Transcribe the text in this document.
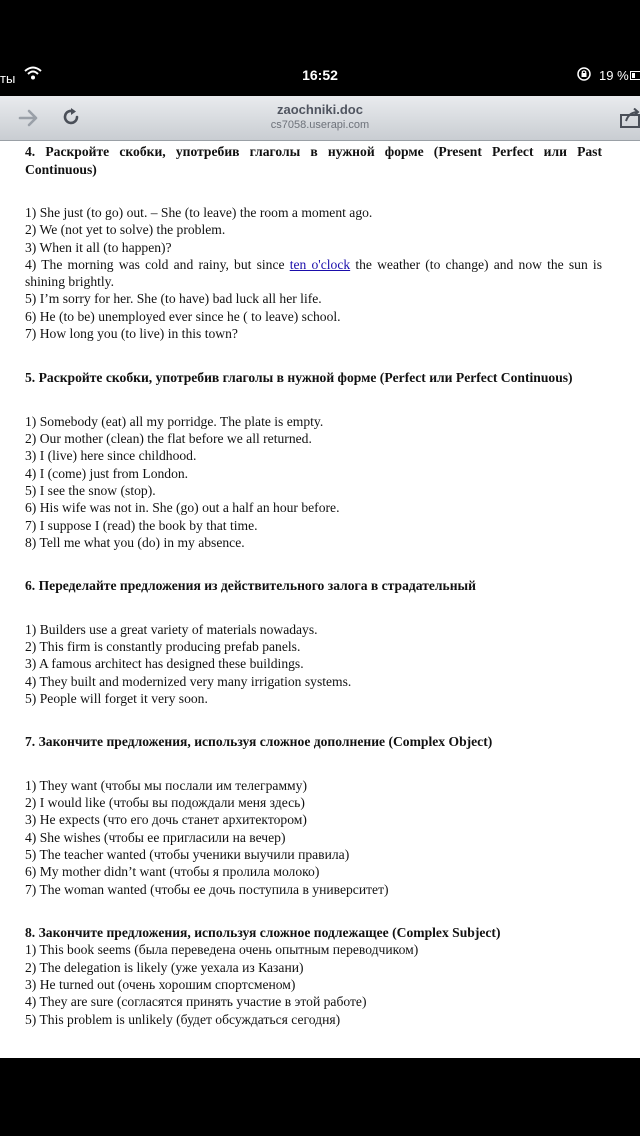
ты	16:52	19 %
zaochniki.doc
cs7058.userapi.com

4. Раскройте скобки, употребив глаголы в нужной форме (Present Perfect или Past Continuous)

1) She just (to go) out. – She (to leave) the room a moment ago.
2) We (not yet to solve) the problem.
3) When it all (to happen)?
4) The morning was cold and rainy, but since ten o'clock the weather (to change) and now the sun is shining brightly.
5) I’m sorry for her. She (to have) bad luck all her life.
6) He (to be) unemployed ever since he ( to leave) school.
7) How long you (to live) in this town?

5. Раскройте скобки, употребив глаголы в нужной форме (Perfect или Perfect Continuous)

1) Somebody (eat) all my porridge. The plate is empty.
2) Our mother (clean) the flat before we all returned.
3) I (live) here since childhood.
4) I (come) just from London.
5) I see the snow (stop).
6) His wife was not in. She (go) out a half an hour before.
7) I suppose I (read) the book by that time.
8) Tell me what you (do) in my absence.

6. Переделайте предложения из действительного залога в страдательный

1) Builders use a great variety of materials nowadays.
2) This firm is constantly producing prefab panels.
3) A famous architect has designed these buildings.
4) They built and modernized very many irrigation systems.
5) People will forget it very soon.

7. Закончите предложения, используя сложное дополнение (Complex Object)

1) They want (чтобы мы послали им телеграмму)
2) I would like (чтобы вы подождали меня здесь)
3) He expects (что его дочь станет архитектором)
4) She wishes (чтобы ее пригласили на вечер)
5) The teacher wanted (чтобы ученики выучили правила)
6) My mother didn’t want (чтобы я пролила молоко)
7) The woman wanted (чтобы ее дочь поступила в университет)

8. Закончите предложения, используя сложное подлежащее (Complex Subject)

1) This book seems (была переведена очень опытным переводчиком)
2) The delegation is likely (уже уехала из Казани)
3) He turned out (очень хорошим спортсменом)
4) They are sure (согласятся принять участие в этой работе)
5) This problem is unlikely (будет обсуждаться сегодня)
